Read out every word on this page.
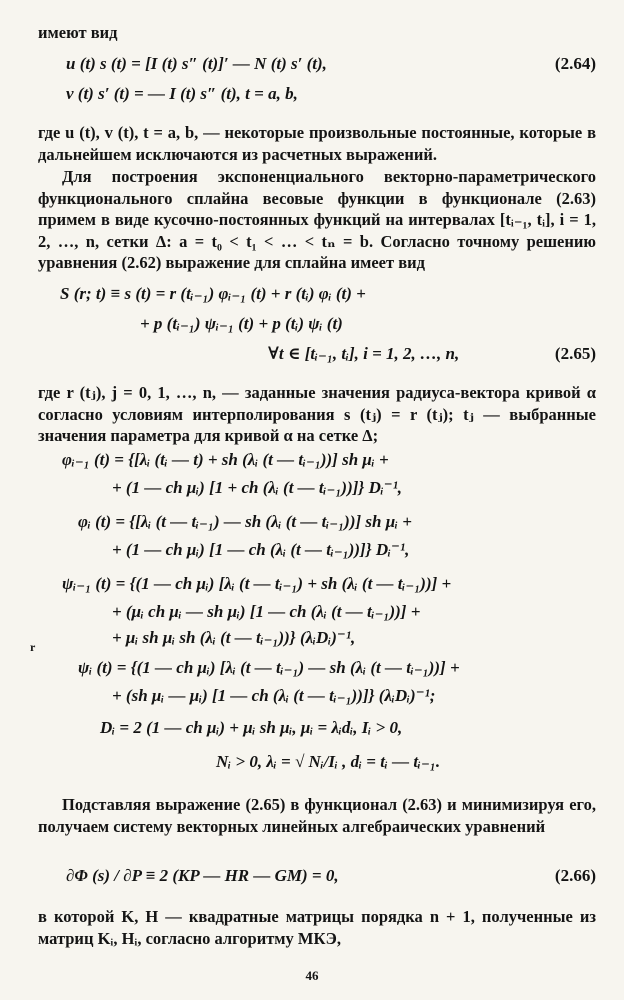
имеют вид
u (t) s (t) = [I (t) s″ (t)]′ — N (t) s′ (t),	(2.64)
v (t) s′ (t) = — I (t) s″ (t), t = a, b,
где u (t), v (t), t = a, b, — некоторые произвольные постоянные, которые в дальнейшем исключаются из расчетных выражений.
Для построения экспоненциального векторно-параметрического функционального сплайна весовые функции в функционале (2.63) примем в виде кусочно-постоянных функций на интервалах [tᵢ₋₁, tᵢ], i = 1, 2, …, n, сетки Δ: a = t₀ < t₁ < … < tₙ = b. Согласно точному решению уравнения (2.62) выражение для сплайна имеет вид
S (r; t) ≡ s (t) = r (tᵢ₋₁) φᵢ₋₁ (t) + r (tᵢ) φᵢ (t) +
+ p (tᵢ₋₁) ψᵢ₋₁ (t) + p (tᵢ) ψᵢ (t)
∀t ∈ [tᵢ₋₁, tᵢ], i = 1, 2, …, n,	(2.65)
где r (tⱼ), j = 0, 1, …, n, — заданные значения радиуса-вектора кривой α согласно условиям интерполирования s (tⱼ) = r (tⱼ); tⱼ — выбранные значения параметра для кривой α на сетке Δ;
φᵢ₋₁ (t) = {[λᵢ (tᵢ — t) + sh (λᵢ (t — tᵢ₋₁))] sh μᵢ +
+ (1 — ch μᵢ) [1 + ch (λᵢ (t — tᵢ₋₁))]} Dᵢ⁻¹,
φᵢ (t) = {[λᵢ (t — tᵢ₋₁) — sh (λᵢ (t — tᵢ₋₁))] sh μᵢ +
+ (1 — ch μᵢ) [1 — ch (λᵢ (t — tᵢ₋₁))]} Dᵢ⁻¹,
ψᵢ₋₁ (t) = {(1 — ch μᵢ) [λᵢ (t — tᵢ₋₁) + sh (λᵢ (t — tᵢ₋₁))] +
+ (μᵢ ch μᵢ — sh μᵢ) [1 — ch (λᵢ (t — tᵢ₋₁))] +
+ μᵢ sh μᵢ sh (λᵢ (t — tᵢ₋₁))} (λᵢDᵢ)⁻¹,
r
ψᵢ (t) = {(1 — ch μᵢ) [λᵢ (t — tᵢ₋₁) — sh (λᵢ (t — tᵢ₋₁))] +
+ (sh μᵢ — μᵢ) [1 — ch (λᵢ (t — tᵢ₋₁))]} (λᵢDᵢ)⁻¹;
Dᵢ = 2 (1 — ch μᵢ) + μᵢ sh μᵢ, μᵢ = λᵢdᵢ, Iᵢ > 0,
Nᵢ > 0, λᵢ = √ Nᵢ/Iᵢ , dᵢ = tᵢ — tᵢ₋₁.
Подставляя выражение (2.65) в функционал (2.63) и минимизируя его, получаем систему векторных линейных алгебраических уравнений
∂Φ (s) / ∂P ≡ 2 (KP — HR — GM) = 0,	(2.66)
в которой K, H — квадратные матрицы порядка n + 1, полученные из матриц Kᵢ, Hᵢ, согласно алгоритму МКЭ,
46
